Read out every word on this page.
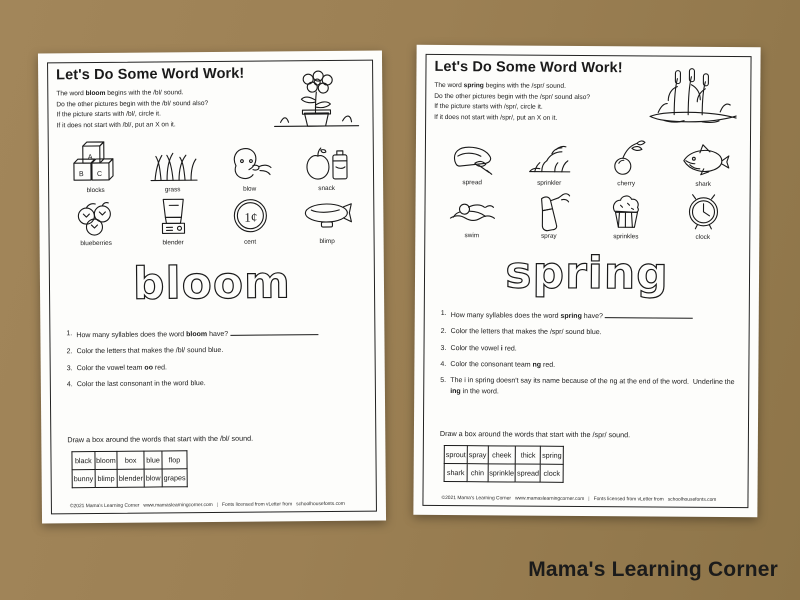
Let's Do Some Word Work!
The word bloom begins with the /bl/ sound.
Do the other pictures begin with the /bl/ sound also?
If the picture starts with /bl/, circle it.
If it does not start with /bl/, put an X on it.
B C
A
blocks	grass	blow	snack
blueberries	blender
1¢
cent	blimp
bloom
1. How many syllables does the word bloom have?
2. Color the letters that makes the /bl/ sound blue.
3. Color the vowel team oo red.
4. Color the last consonant in the word blue.
Draw a box around the words that start with the /bl/ sound.
black	bloom	box	blue	flop
bunny	blimp	blender	blow	grapes
©2021 Mama's Learning Corner www.mamaslearningcorner.com | Fonts licensed from vLetter from schoolhousefonts.com
Let's Do Some Word Work!
The word spring begins with the /spr/ sound.
Do the other pictures begin with the /spr/ sound also?
If the picture starts with /spr/, circle it.
If it does not start with /spr/, put an X on it.
spread	sprinkler	cherry	shark
swim	spray	sprinkles	clock
spring
1. How many syllables does the word spring have?
2. Color the letters that makes the /spr/ sound blue.
3. Color the vowel i red.
4. Color the consonant team ng red.
5. The i in spring doesn't say its name because of the ng at the end of the word.  Underline the ing in the word.
Draw a box around the words that start with the /spr/ sound.
sprout	spray	cheek	thick	spring
shark	chin	sprinkle	spread	clock
©2021 Mama's Learning Corner www.mamaslearningcorner.com | Fonts licensed from vLetter from schoolhousefonts.com
Mama's Learning Corner
